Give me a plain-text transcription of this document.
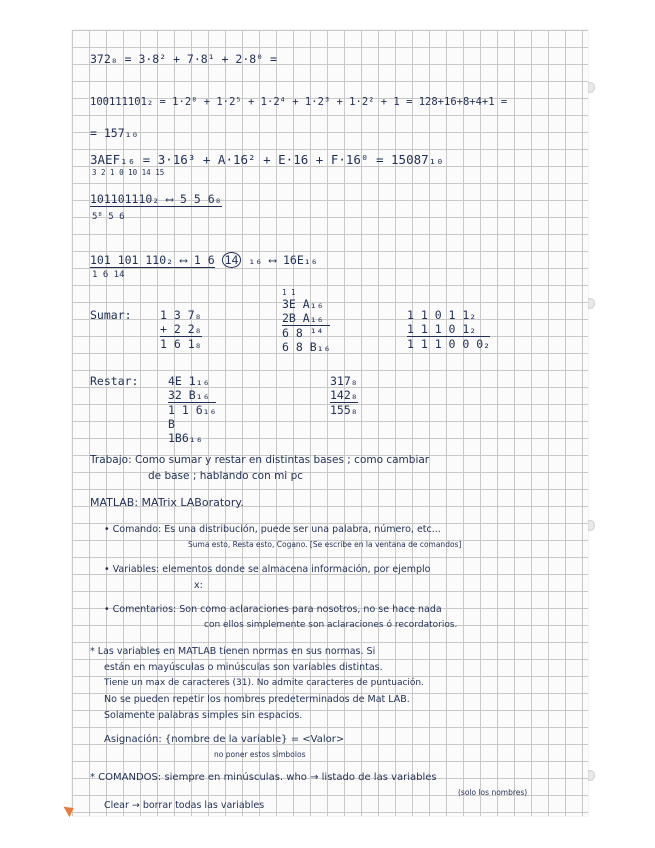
372₈ = 3·8² + 7·8¹ + 2·8⁰ =
100111101₂ = 1·2⁸ + 1·2⁵ + 1·2⁴ + 1·2³ + 1·2² + 1 = 128+16+8+4+1 =
= 157₁₀
3AEF₁₆ = 3·16³ + A·16² + E·16 + F·16⁰ = 15087₁₀
3 2 1 0 10 14 15
101101110₂ ⟷ 5 5 6₈
5⁸ 5 6
101 101 110₂ ⟷ 1 6 14 ₁₆ ⟷ 16E₁₆
1 6 14
Sumar: 1 3 7₈
+ 2 2₈
1 6 1₈
1 1
3E A₁₆
2B A₁₆
6 8 ¹⁴
6 8 B₁₆
1 1 0 1 1₂
1 1 1 0 1₂
1 1 1 0 0 0₂
Restar:	4E 1₁₆
32 B₁₆
1 1 6₁₆
B
1B6₁₆
317₈
142₈
155₈
Trabajo: Como sumar y restar en distintas bases ; como cambiar
de base ; hablando con mi pc
MATLAB: MATrix LABoratory.
• Comando: Es una distribución, puede ser una palabra, número, etc...
Suma esto, Resta esto, Cogano. [Se escribe en la ventana de comandos]
• Variables: elementos donde se almacena información, por ejemplo
x:
• Comentarios: Son como aclaraciones para nosotros, no se hace nada
con ellos simplemente son aclaraciones ó recordatorios.
* Las variables en MATLAB tienen normas en sus normas. Si
están en mayúsculas o minúsculas son variables distintas.
Tiene un max de caracteres (31). No admite caracteres de puntuación.
No se pueden repetir los nombres predeterminados de Mat LAB.
Solamente palabras simples sin espacios.
Asignación: {nombre de la variable} = <Valor>
no poner estos símbolos
* COMANDOS: siempre en minúsculas. who → listado de las variables
(solo los nombres)
Clear → borrar todas las variables
